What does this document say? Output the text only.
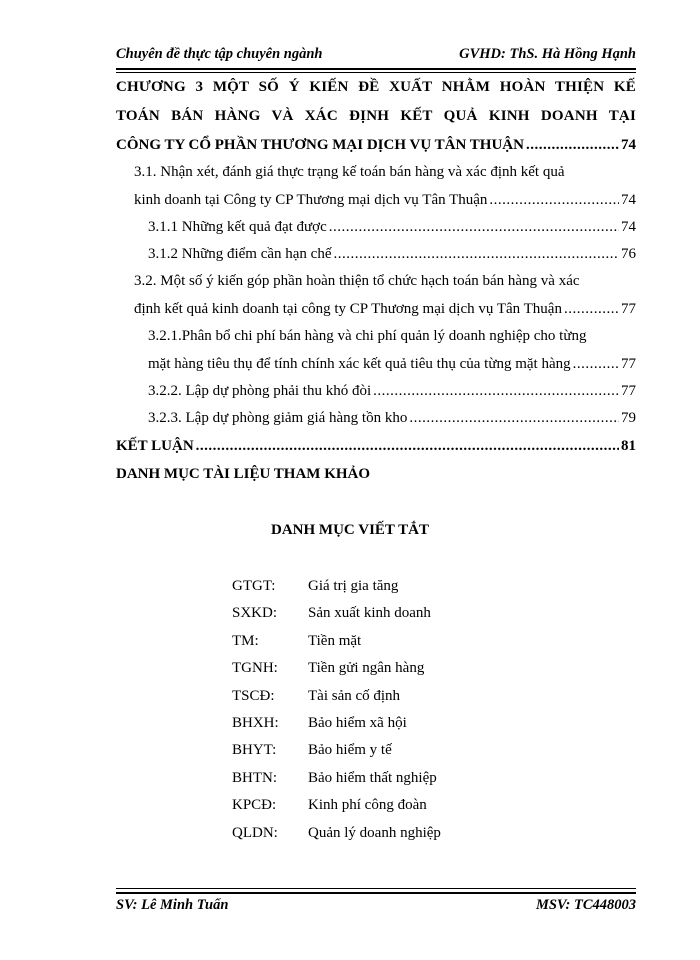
Chuyên đề thực tập chuyên ngành	GVHD: ThS. Hà Hồng Hạnh
CHƯƠNG 3 MỘT SỐ Ý KIẾN ĐỀ XUẤT NHẰM HOÀN THIỆN KẾ
TOÁN BÁN HÀNG VÀ XÁC ĐỊNH KẾT QUẢ KINH DOANH TẠI
CÔNG TY CỔ PHẦN THƯƠNG MẠI DỊCH VỤ TÂN THUẬN .....	74
3.1. Nhận xét, đánh giá thực trạng kế toán bán hàng và xác định kết quả
kinh doanh tại Công ty CP Thương mại dịch vụ Tân Thuận .....	74
3.1.1 Những kết quả đạt được .....	74
3.1.2 Những điểm cần hạn chế .....	76
3.2. Một số ý kiến góp phần hoàn thiện tổ chức hạch toán bán hàng và xác
định kết quả kinh doanh tại công ty CP Thương mại dịch vụ Tân Thuận .....	77
3.2.1.Phân bổ chi phí bán hàng và chi phí quản lý doanh nghiệp cho từng
mặt hàng tiêu thụ để tính chính xác kết quả tiêu thụ của từng mặt hàng .....	77
3.2.2. Lập dự phòng phải thu khó đòi .....	77
3.2.3. Lập dự phòng giảm giá hàng tồn kho .....	79
KẾT LUẬN .....	81
DANH MỤC TÀI LIỆU THAM KHẢO
DANH MỤC VIẾT TẮT
GTGT:	Giá trị gia tăng
SXKD:	Sản xuất kinh doanh
TM:	Tiền mặt
TGNH:	Tiền gửi ngân hàng
TSCĐ:	Tài sản cố định
BHXH:	Bảo hiểm xã hội
BHYT:	Bảo hiểm y tế
BHTN:	Bảo hiểm thất nghiệp
KPCĐ:	Kinh phí công đoàn
QLDN:	Quản lý doanh nghiệp
SV: Lê Minh Tuấn	MSV: TC448003
